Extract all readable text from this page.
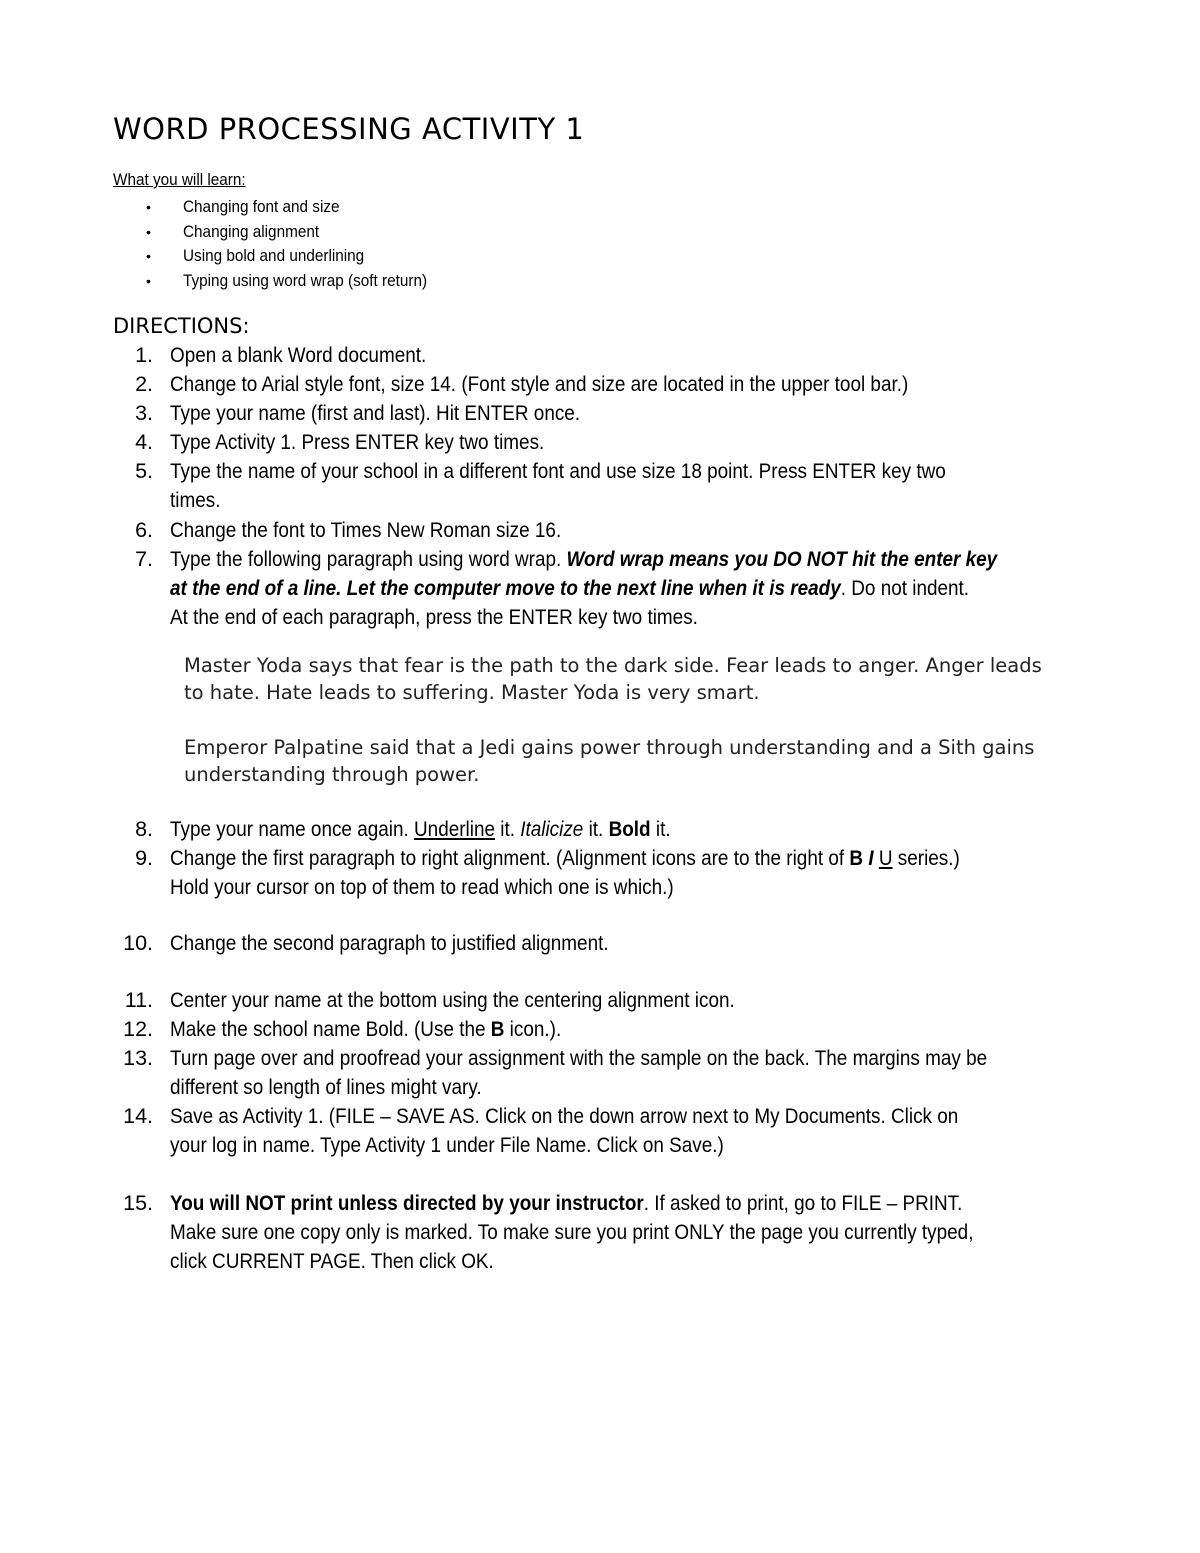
WORD PROCESSING ACTIVITY 1
What you will learn:
• Changing font and size
• Changing alignment
• Using bold and underlining
• Typing using word wrap (soft return)
DIRECTIONS:
1. Open a blank Word document.
2. Change to Arial style font, size 14. (Font style and size are located in the upper tool bar.)
3. Type your name (first and last). Hit ENTER once.
4. Type Activity 1. Press ENTER key two times.
5. Type the name of your school in a different font and use size 18 point. Press ENTER key two
times.
6. Change the font to Times New Roman size 16.
7. Type the following paragraph using word wrap. Word wrap means you DO NOT hit the enter key
at the end of a line. Let the computer move to the next line when it is ready. Do not indent.
At the end of each paragraph, press the ENTER key two times.
Master Yoda says that fear is the path to the dark side. Fear leads to anger. Anger leads to hate. Hate leads to suffering. Master Yoda is very smart.
Emperor Palpatine said that a Jedi gains power through understanding and a Sith gains understanding through power.
8. Type your name once again. Underline it. Italicize it. Bold it.
9. Change the first paragraph to right alignment. (Alignment icons are to the right of B I U series.)
Hold your cursor on top of them to read which one is which.)
10. Change the second paragraph to justified alignment.
11. Center your name at the bottom using the centering alignment icon.
12. Make the school name Bold. (Use the B icon.).
13. Turn page over and proofread your assignment with the sample on the back. The margins may be
different so length of lines might vary.
14. Save as Activity 1. (FILE – SAVE AS. Click on the down arrow next to My Documents. Click on
your log in name. Type Activity 1 under File Name. Click on Save.)
15. You will NOT print unless directed by your instructor. If asked to print, go to FILE – PRINT.
Make sure one copy only is marked. To make sure you print ONLY the page you currently typed,
click CURRENT PAGE. Then click OK.
